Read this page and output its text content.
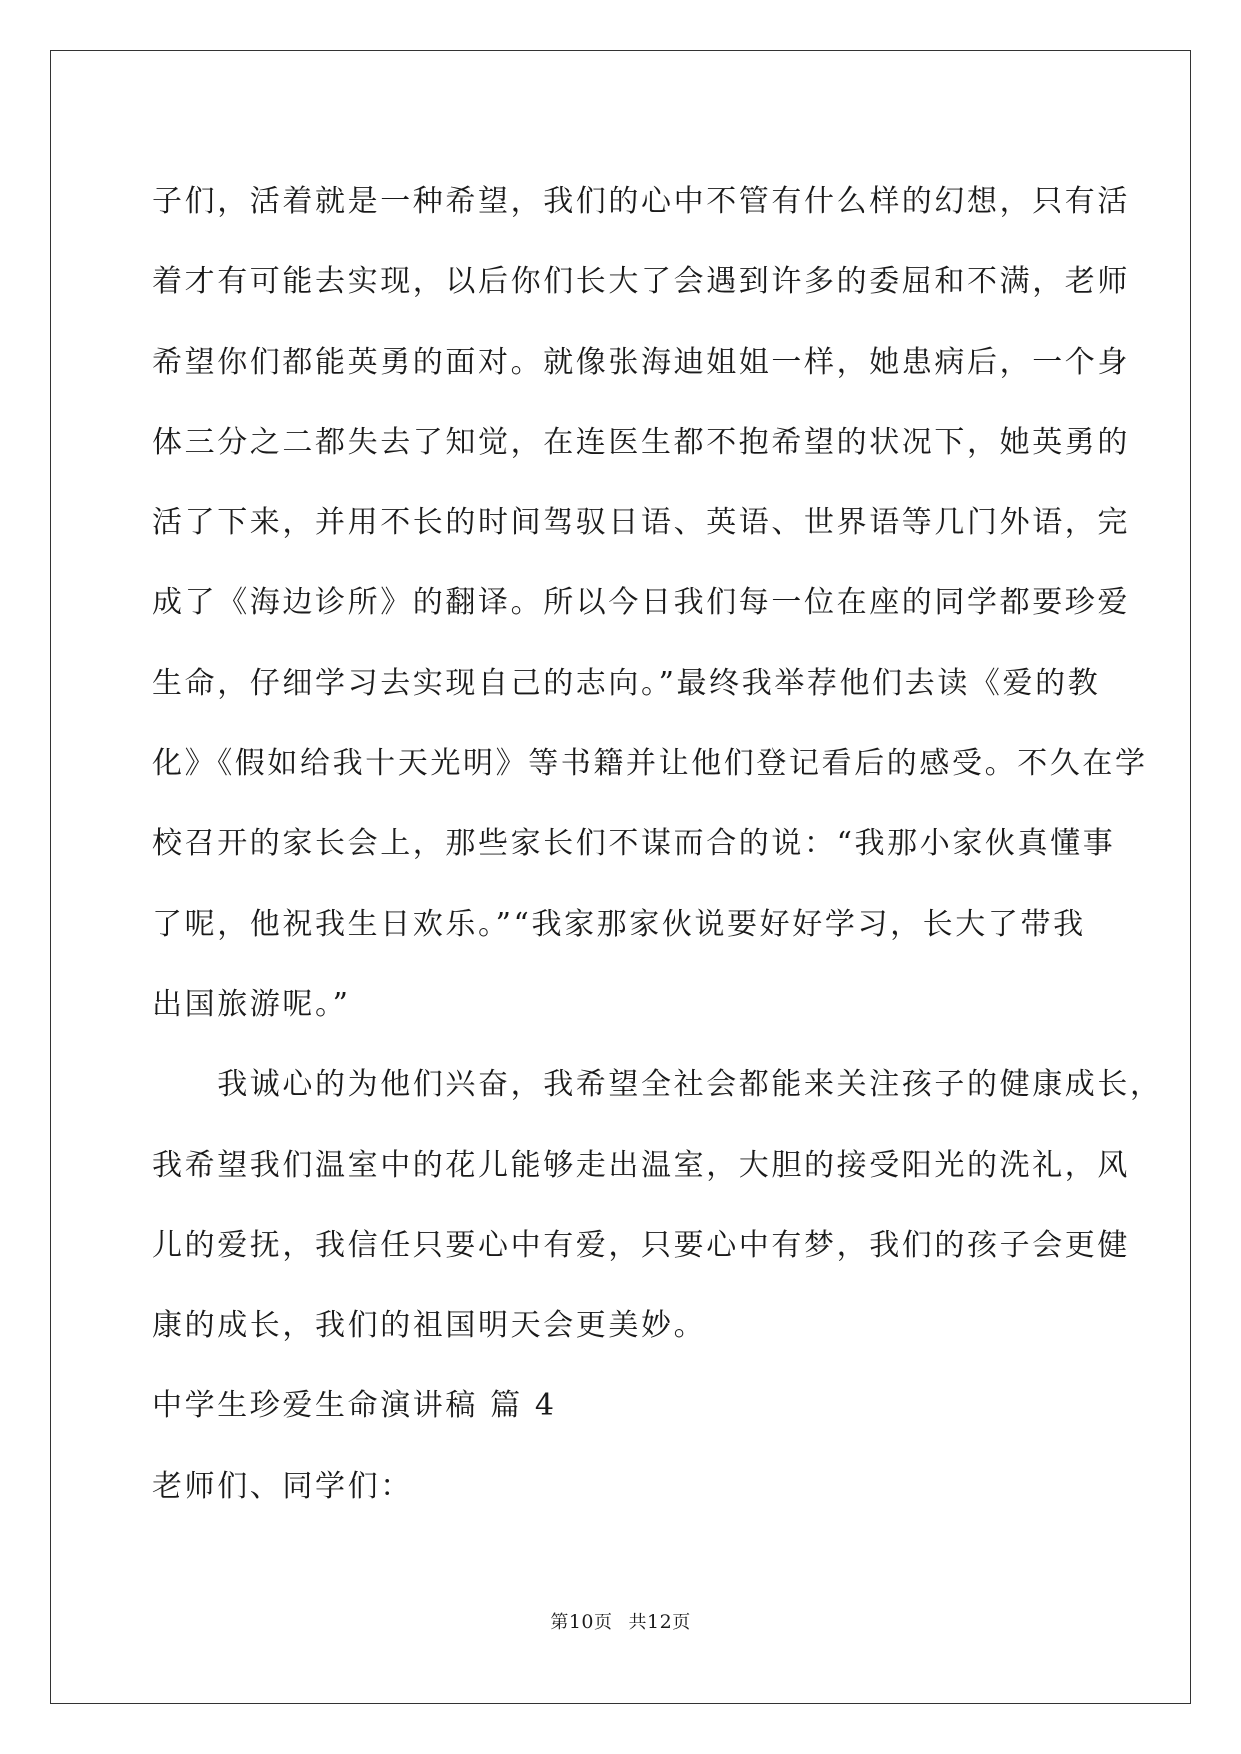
子们，活着就是一种希望，我们的心中不管有什么样的幻想，只有活
着才有可能去实现，以后你们长大了会遇到许多的委屈和不满，老师
希望你们都能英勇的面对。就像张海迪姐姐一样，她患病后，一个身
体三分之二都失去了知觉，在连医生都不抱希望的状况下，她英勇的
活了下来，并用不长的时间驾驭日语、英语、世界语等几门外语，完
成了《海边诊所》的翻译。所以今日我们每一位在座的同学都要珍爱
生命，仔细学习去实现自己的志向。”最终我举荐他们去读《爱的教
化》《假如给我十天光明》等书籍并让他们登记看后的感受。不久在学
校召开的家长会上，那些家长们不谋而合的说：“我那小家伙真懂事
了呢，他祝我生日欢乐。”“我家那家伙说要好好学习，长大了带我
出国旅游呢。”
　　我诚心的为他们兴奋，我希望全社会都能来关注孩子的健康成长，
我希望我们温室中的花儿能够走出温室，大胆的接受阳光的洗礼，风
儿的爱抚，我信任只要心中有爱，只要心中有梦，我们的孩子会更健
康的成长，我们的祖国明天会更美妙。
中学生珍爱生命演讲稿 篇 4
老师们、同学们：
第10页 共12页
